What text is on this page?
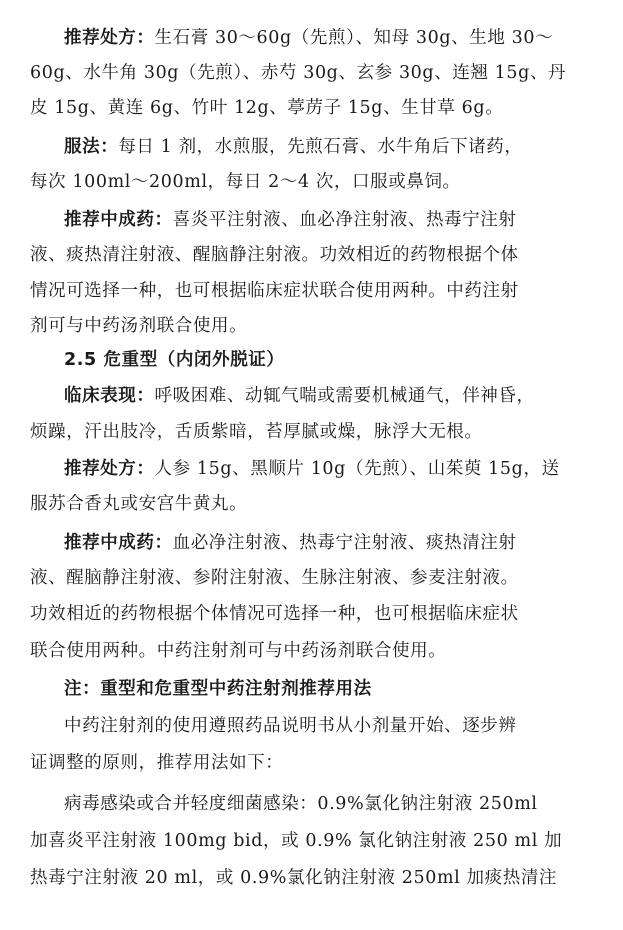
推荐处方：生石膏 30～60g（先煎）、知母 30g、生地 30～
60g、水牛角 30g（先煎）、赤芍 30g、玄参 30g、连翘 15g、丹
皮 15g、黄连 6g、竹叶 12g、葶苈子 15g、生甘草 6g。
服法：每日 1 剂，水煎服，先煎石膏、水牛角后下诸药，
每次 100ml～200ml，每日 2～4 次，口服或鼻饲。
推荐中成药：喜炎平注射液、血必净注射液、热毒宁注射
液、痰热清注射液、醒脑静注射液。功效相近的药物根据个体
情况可选择一种，也可根据临床症状联合使用两种。中药注射
剂可与中药汤剂联合使用。
2.5 危重型（内闭外脱证）
临床表现：呼吸困难、动辄气喘或需要机械通气，伴神昏，
烦躁，汗出肢冷，舌质紫暗，苔厚腻或燥，脉浮大无根。
推荐处方：人参 15g、黑顺片 10g（先煎）、山茱萸 15g，送
服苏合香丸或安宫牛黄丸。
推荐中成药：血必净注射液、热毒宁注射液、痰热清注射
液、醒脑静注射液、参附注射液、生脉注射液、参麦注射液。
功效相近的药物根据个体情况可选择一种，也可根据临床症状
联合使用两种。中药注射剂可与中药汤剂联合使用。
注：重型和危重型中药注射剂推荐用法
中药注射剂的使用遵照药品说明书从小剂量开始、逐步辨
证调整的原则，推荐用法如下：
病毒感染或合并轻度细菌感染：0.9%氯化钠注射液 250ml
加喜炎平注射液 100mg bid，或 0.9% 氯化钠注射液 250 ml 加
热毒宁注射液 20 ml，或 0.9%氯化钠注射液 250ml 加痰热清注
